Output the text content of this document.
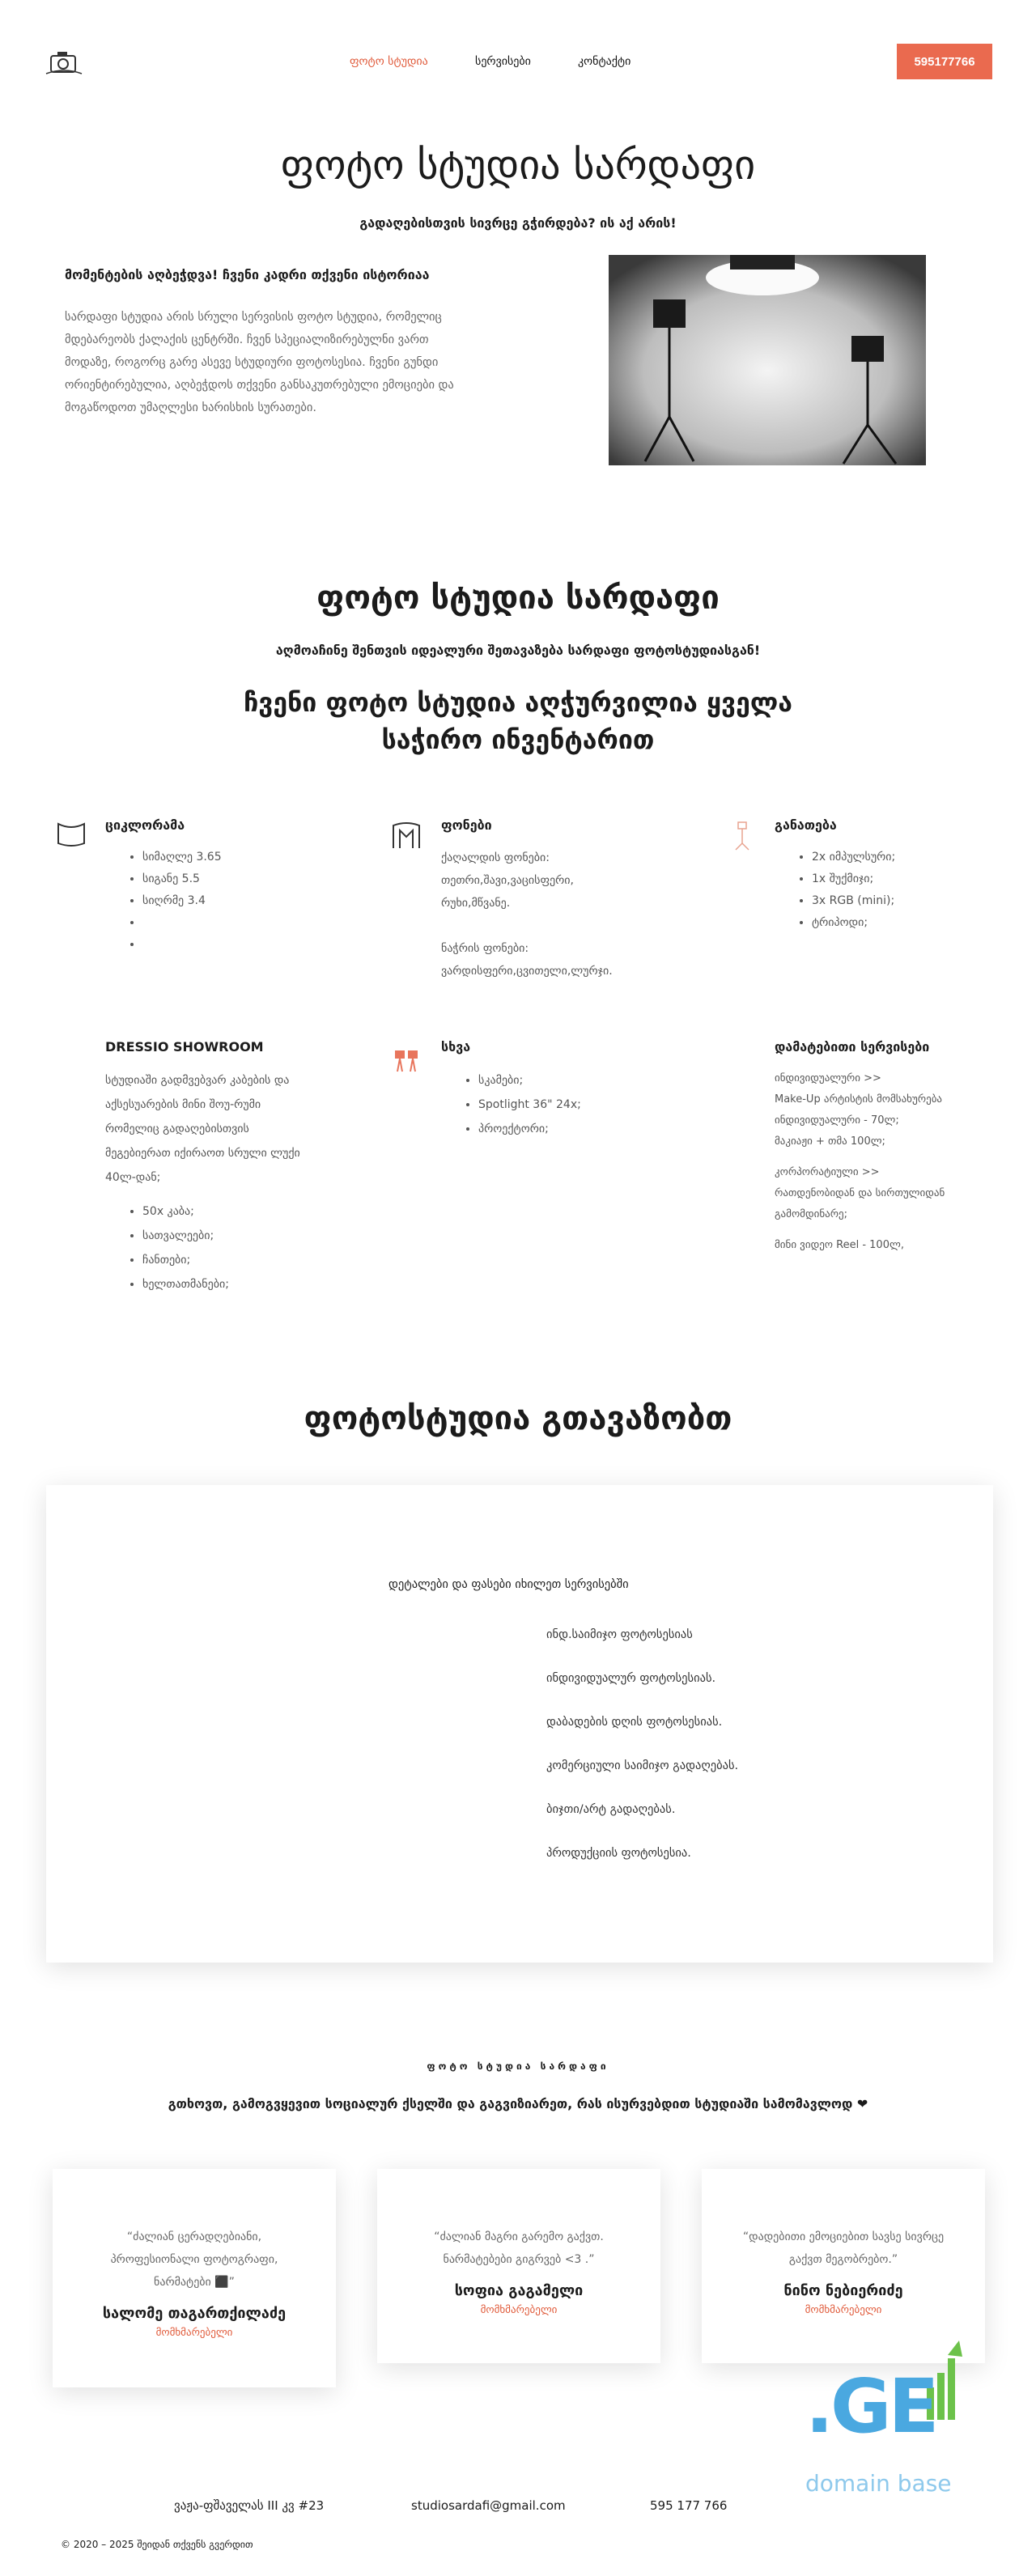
ფოტო სტუდია	სერვისები	კონტაქტი	595177766
ფოტო სტუდია სარდაფი
გადაღებისთვის სივრცე გჭირდება? ის აქ არის!
მომენტების აღბეჭდვა! ჩვენი კადრი თქვენი ისტორიაა

სარდაფი სტუდია არის სრული სერვისის ფოტო სტუდია, რომელიც მდებარეობს ქალაქის ცენტრში. ჩვენ სპეციალიზირებულნი ვართ მოდაზე, როგორც გარე ასევე სტუდიური ფოტოსესია. ჩვენი გუნდი ორიენტირებულია, აღბეჭდოს თქვენი განსაკუთრებული ემოციები და მოგაწოდოთ უმაღლესი ხარისხის სურათები.

ფოტო სტუდია სარდაფი
აღმოაჩინე შენთვის იდეალური შეთავაზება სარდაფი ფოტოსტუდიასგან!
ჩვენი ფოტო სტუდია აღჭურვილია ყველა საჭირო ინვენტარით
ციკლორამა
• სიმაღლე 3.65
• სიგანე 5.5
• სიღრმე 3.4
•
•
ფონები
ქაღალდის ფონები:
თეთრი,შავი,ვაცისფერი,
რუხი,მწვანე.
ნაჭრის ფონები:
ვარდისფერი,ცვითელი,ლურჯი.
განათება
• 2x იმპულსური;
• 1x შუქმიჯი;
• 3x RGB (mini);
• ტრიპოდი;
DRESSIO SHOWROOM

სტუდიაში გადმვებვარ კაბების და აქსესუარების მინი შოუ-რუმი რომელიც გადაღებისთვის მეგებიერათ იქირაოთ სრული ლუქი 40ლ-დან;

• 50x კაბა;
• სათვალეები;
• ჩანთები;
• ხელთათმანები;
სხვა
• სკამები;
• Spotlight 36" 24x;
• პროექტორი;
დამატებითი სერვისები
ინდივიდუალური >>
Make-Up არტისტის მომსახურება ინდივიდუალური - 70ლ;
მაკიაჟი + თმა 100ლ;
კორპორატიული >>
რათდენობიდან და სირთულიდან გამომდინარე;
მინი ვიდეო Reel - 100ლ,
ფოტოსტუდია გთავაზობთ
დეტალები და ფასები იხილეთ სერვისებში
ინდ.საიმიჯო ფოტოსესიას
ინდივიდუალურ ფოტოსესიას.
დაბადების დღის ფოტოსესიას.
კომერციული საიმიჯო გადაღებას.
ბიჯთი/არტ გადაღებას.
პროდუქციის ფოტოსესია.
ფოტო სტუდია სარდაფი
გთხოვთ, გამოგვყევით სოციალურ ქსელში და გაგვიზიარეთ, რას ისურვებდით სტუდიაში სამომავლოდ ❤

“ძალიან ცერადღებიანი, პროფესიონალი ფოტოგრაფი, ნარმატები ⬛”

სალომე თაგართქილაძე
მომხმარებელი

“ძალიან მაგრი გარემო გაქვთ. ნარმატებები გიგრვებ <3 .”

სოფია გაგამელი
მომხმარებელი

“დადებითი ემოციებით სავსე სივრცე გაქვთ მეგობრებო.”

ნინო ნებიერიძე
მომხმარებელი
.GE
domain base
ვაჟა-ფშაველას III კვ #23	studiosardafi@gmail.com	595 177 766
© 2020 – 2025 შეიდან თქვენს გვერდით
